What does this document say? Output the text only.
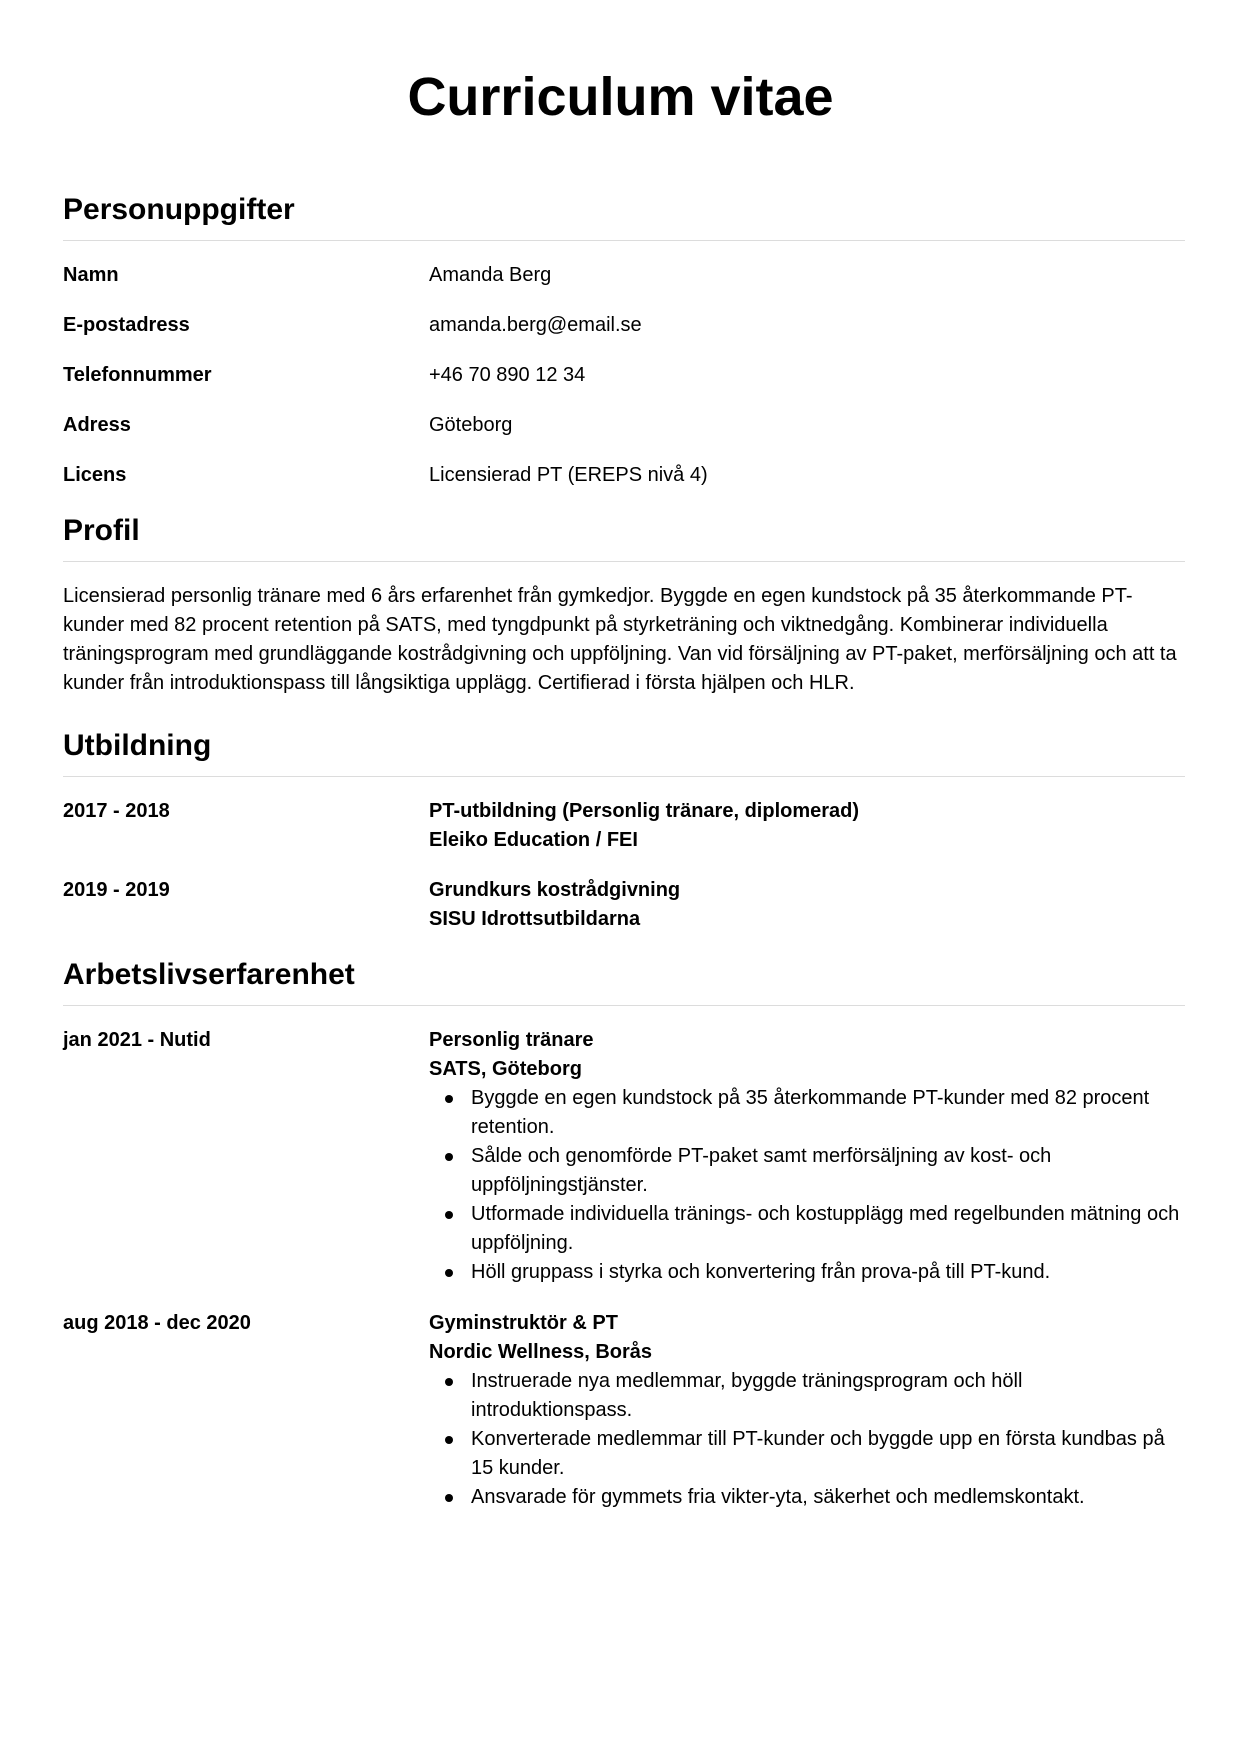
Curriculum vitae
Personuppgifter
Namn	Amanda Berg
E-postadress	amanda.berg@email.se
Telefonnummer	+46 70 890 12 34
Adress	Göteborg
Licens	Licensierad PT (EREPS nivå 4)
Profil

Licensierad personlig tränare med 6 års erfarenhet från gymkedjor. Byggde en egen kundstock på 35 återkommande PT-kunder med 82 procent retention på SATS, med tyngdpunkt på styrketräning och viktnedgång. Kombinerar individuella träningsprogram med grundläggande kostrådgivning och uppföljning. Van vid försäljning av PT-paket, merförsäljning och att ta kunder från introduktionspass till långsiktiga upplägg. Certifierad i första hjälpen och HLR.

Utbildning
2017 - 2018	PT-utbildning (Personlig tränare, diplomerad)
Eleiko Education / FEI
2019 - 2019	Grundkurs kostrådgivning
SISU Idrottsutbildarna
Arbetslivserfarenhet
jan 2021 - Nutid	Personlig tränare
SATS, Göteborg
Byggde en egen kundstock på 35 återkommande PT-kunder med 82 procent retention.
Sålde och genomförde PT-paket samt merförsäljning av kost- och uppföljningstjänster.
Utformade individuella tränings- och kostupplägg med regelbunden mätning och uppföljning.
Höll gruppass i styrka och konvertering från prova-på till PT-kund.
aug 2018 - dec 2020	Gyminstruktör & PT
Nordic Wellness, Borås
Instruerade nya medlemmar, byggde träningsprogram och höll introduktionspass.
Konverterade medlemmar till PT-kunder och byggde upp en första kundbas på 15 kunder.
Ansvarade för gymmets fria vikter-yta, säkerhet och medlemskontakt.
